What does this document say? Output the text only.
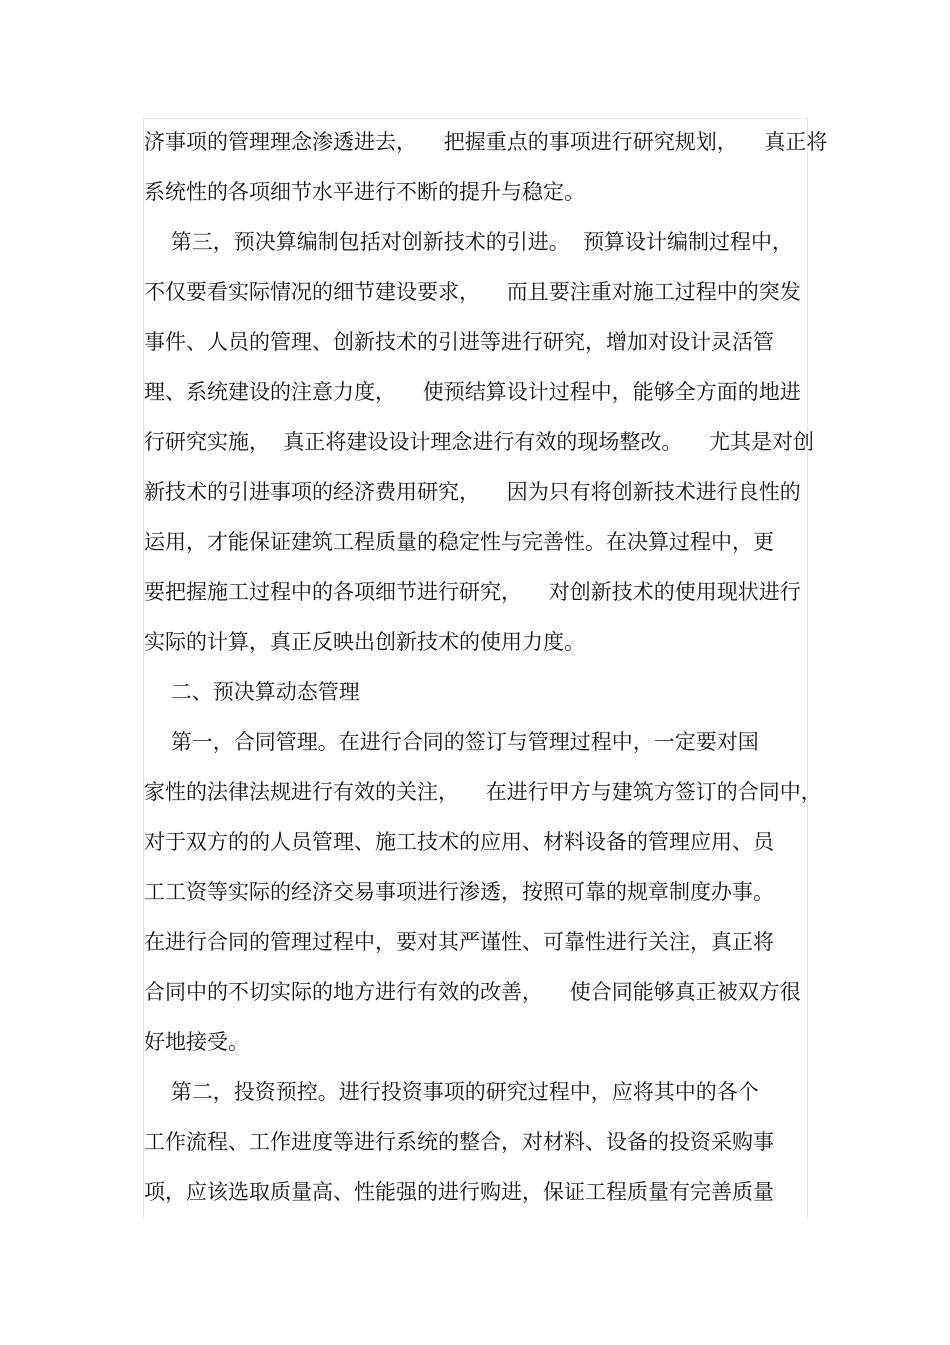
济事项的管理理念渗透进去，    把握重点的事项进行研究规划，    真正将
系统性的各项细节水平进行不断的提升与稳定。
第三，预决算编制包括对创新技术的引进。  预算设计编制过程中，
不仅要看实际情况的细节建设要求，    而且要注重对施工过程中的突发
事件、人员的管理、创新技术的引进等进行研究，增加对设计灵活管
理、系统建设的注意力度，    使预结算设计过程中，能够全方面的地进
行研究实施，  真正将建设设计理念进行有效的现场整改。    尤其是对创
新技术的引进事项的经济费用研究，    因为只有将创新技术进行良性的
运用，才能保证建筑工程质量的稳定性与完善性。在决算过程中，更
要把握施工过程中的各项细节进行研究，    对创新技术的使用现状进行
实际的计算，真正反映出创新技术的使用力度。
二、预决算动态管理
第一，合同管理。在进行合同的签订与管理过程中，一定要对国
家性的法律法规进行有效的关注，    在进行甲方与建筑方签订的合同中，
对于双方的的人员管理、施工技术的应用、材料设备的管理应用、员
工工资等实际的经济交易事项进行渗透，按照可靠的规章制度办事。
在进行合同的管理过程中，要对其严谨性、可靠性进行关注，真正将
合同中的不切实际的地方进行有效的改善，    使合同能够真正被双方很
好地接受。
第二，投资预控。进行投资事项的研究过程中，应将其中的各个
工作流程、工作进度等进行系统的整合，对材料、设备的投资采购事
项，应该选取质量高、性能强的进行购进，保证工程质量有完善质量
